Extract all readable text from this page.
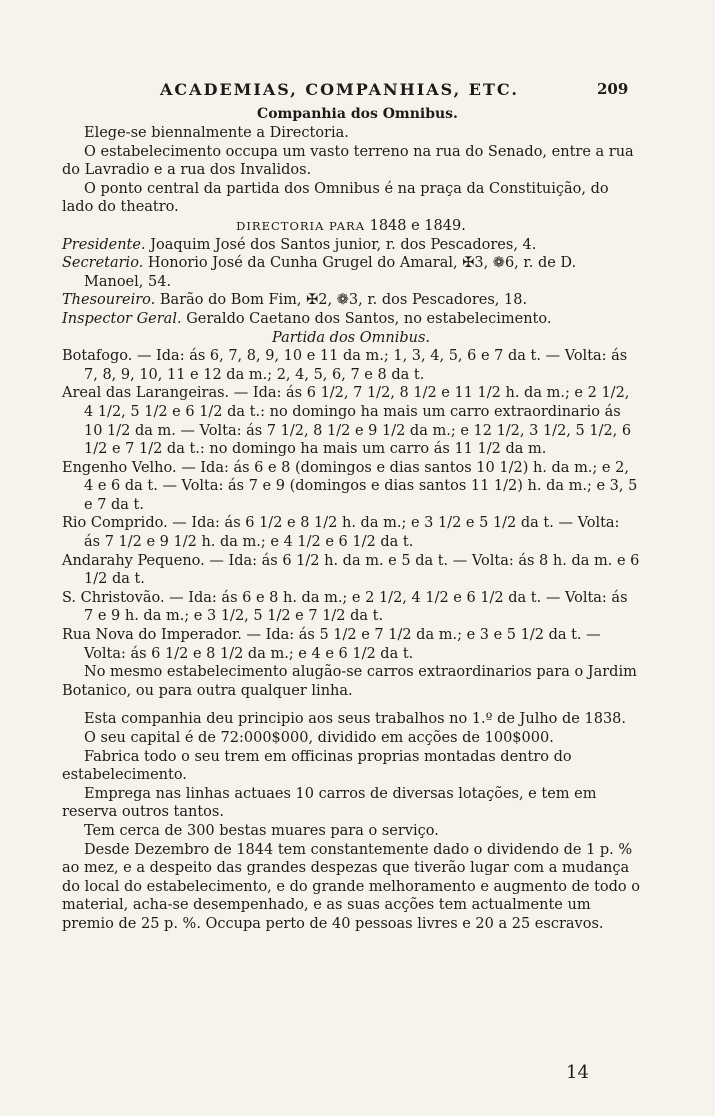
ACADEMIAS, COMPANHIAS, ETC.	209
Companhia dos Omnibus.

Elege-se biennalmente a Directoria.

O estabelecimento occupa um vasto terreno na rua do Senado, entre a rua do Lavradio e a rua dos Invalidos.

O ponto central da partida dos Omnibus é na praça da Constituição, do lado do theatro.

DIRECTORIA PARA 1848 e 1849.

Presidente. Joaquim José dos Santos junior, r. dos Pescadores, 4.

Secretario. Honorio José da Cunha Grugel do Amaral, ✠3, ❁6, r. de D. Manoel, 54.

Thesoureiro. Barão do Bom Fim, ✠2, ❁3, r. dos Pescadores, 18.

Inspector Geral. Geraldo Caetano dos Santos, no estabelecimento.

Partida dos Omnibus.

Botafogo. — Ida: ás 6, 7, 8, 9, 10 e 11 da m.; 1, 3, 4, 5, 6 e 7 da t. — Volta: ás 7, 8, 9, 10, 11 e 12 da m.; 2, 4, 5, 6, 7 e 8 da t.

Areal das Larangeiras. — Ida: ás 6 1/2, 7 1/2, 8 1/2 e 11 1/2 h. da m.; e 2 1/2, 4 1/2, 5 1/2 e 6 1/2 da t.: no domingo ha mais um carro extraordinario ás 10 1/2 da m. — Volta: ás 7 1/2, 8 1/2 e 9 1/2 da m.; e 12 1/2, 3 1/2, 5 1/2, 6 1/2 e 7 1/2 da t.: no domingo ha mais um carro ás 11 1/2 da m.

Engenho Velho. — Ida: ás 6 e 8 (domingos e dias santos 10 1/2) h. da m.; e 2, 4 e 6 da t. — Volta: ás 7 e 9 (domingos e dias santos 11 1/2) h. da m.; e 3, 5 e 7 da t.

Rio Comprido. — Ida: ás 6 1/2 e 8 1/2 h. da m.; e 3 1/2 e 5 1/2 da t. — Volta: ás 7 1/2 e 9 1/2 h. da m.; e 4 1/2 e 6 1/2 da t.

Andarahy Pequeno. — Ida: ás 6 1/2 h. da m. e 5 da t. — Volta: ás 8 h. da m. e 6 1/2 da t.

S. Christovão. — Ida: ás 6 e 8 h. da m.; e 2 1/2, 4 1/2 e 6 1/2 da t. — Volta: ás 7 e 9 h. da m.; e 3 1/2, 5 1/2 e 7 1/2 da t.

Rua Nova do Imperador. — Ida: ás 5 1/2 e 7 1/2 da m.; e 3 e 5 1/2 da t. — Volta: ás 6 1/2 e 8 1/2 da m.; e 4 e 6 1/2 da t.

No mesmo estabelecimento alugão-se carros extraordinarios para o Jardim Botanico, ou para outra qualquer linha.

Esta companhia deu principio aos seus trabalhos no 1.º de Julho de 1838.

O seu capital é de 72:000$000, dividido em acções de 100$000.

Fabrica todo o seu trem em officinas proprias montadas dentro do estabelecimento.

Emprega nas linhas actuaes 10 carros de diversas lotações, e tem em reserva outros tantos.

Tem cerca de 300 bestas muares para o serviço.

Desde Dezembro de 1844 tem constantemente dado o dividendo de 1 p. % ao mez, e a despeito das grandes despezas que tiverão lugar com a mudança do local do estabelecimento, e do grande melhoramento e augmento de todo o material, acha-se desempenhado, e as suas acções tem actualmente um premio de 25 p. %. Occupa perto de 40 pessoas livres e 20 a 25 escravos.

14
